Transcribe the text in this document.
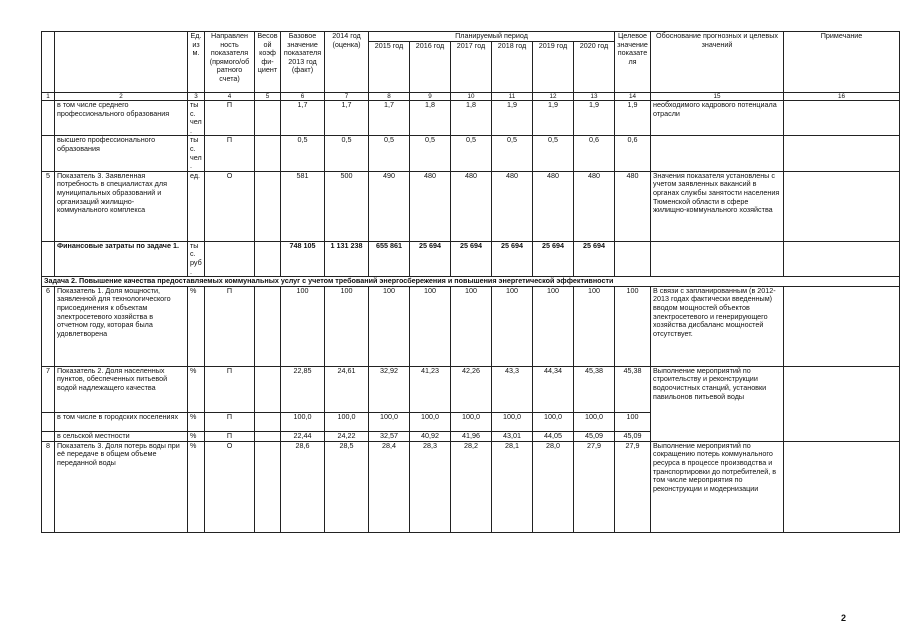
		Ед. изм.	Направлен ность показателя (прямого/об ратного счета)	Весовой коэффи- циент	Базовое значение показателя 2013 год (факт)	2014 год (оценка)	Планируемый период						Целевое значение показателя	Обоснование прогнозных и целевых значений	Примечание
							2015 год	2016 год	2017 год	2018 год	2019 год	2020 год			
1	2	3	4	5	6	7	8	9	10	11	12	13	14	15	16
	в том числе среднего профессионального образования	тыс. чел.	П		1,7	1,7	1,7	1,8	1,8	1,9	1,9	1,9	1,9	необходимого кадрового потенциала отрасли	
	высшего профессионального образования	тыс. чел.	П		0,5	0,5	0,5	0,5	0,5	0,5	0,5	0,6	0,6		
5	Показатель 3. Заявленная потребность в специалистах для муниципальных образований и организаций жилищно-коммунального комплекса	ед.	О		581	500	490	480	480	480	480	480	480	Значения показателя установлены с учетом заявленных вакансий в органах службы занятости населения Тюменской области в сфере жилищно-коммунального хозяйства	
	Финансовые затраты по задаче 1.	тыс. руб.			748 105	1 131 238	655 861	25 694	25 694	25 694	25 694	25 694			
Задача 2. Повышение качества предоставляемых коммунальных услуг с учетом требований энергосбережения и повышения энергетической эффективности															
6	Показатель 1. Доля мощности, заявленной для технологического присоединения к объектам электросетевого хозяйства в отчетном году, которая была удовлетворена	%	П		100	100	100	100	100	100	100	100	100	В связи с запланированным (в 2012-2013 годах фактически введенным) вводом мощностей объектов электросетевого и генерирующего хозяйства дисбаланс мощностей отсутствует.	
7	Показатель 2. Доля населенных пунктов, обеспеченных питьевой водой надлежащего качества	%	П		22,85	24,61	32,92	41,23	42,26	43,3	44,34	45,38	45,38	Выполнение мероприятий по строительству и реконструкции водоочистных станций, установки павильонов питьевой воды	
	в том числе в городских поселениях	%	П		100,0	100,0	100,0	100,0	100,0	100,0	100,0	100,0	100		
	в сельской местности	%	П		22,44	24,22	32,57	40,92	41,96	43,01	44,05	45,09	45,09		
8	Показатель 3. Доля потерь воды при её передаче в общем объеме переданной воды	%	О		28,6	28,5	28,4	28,3	28,2	28,1	28,0	27,9	27,9	Выполнение мероприятий по сокращению потерь коммунального ресурса в процессе производства и транспортировки до потребителей, в том числе мероприятия по реконструкции и модернизации	
2
